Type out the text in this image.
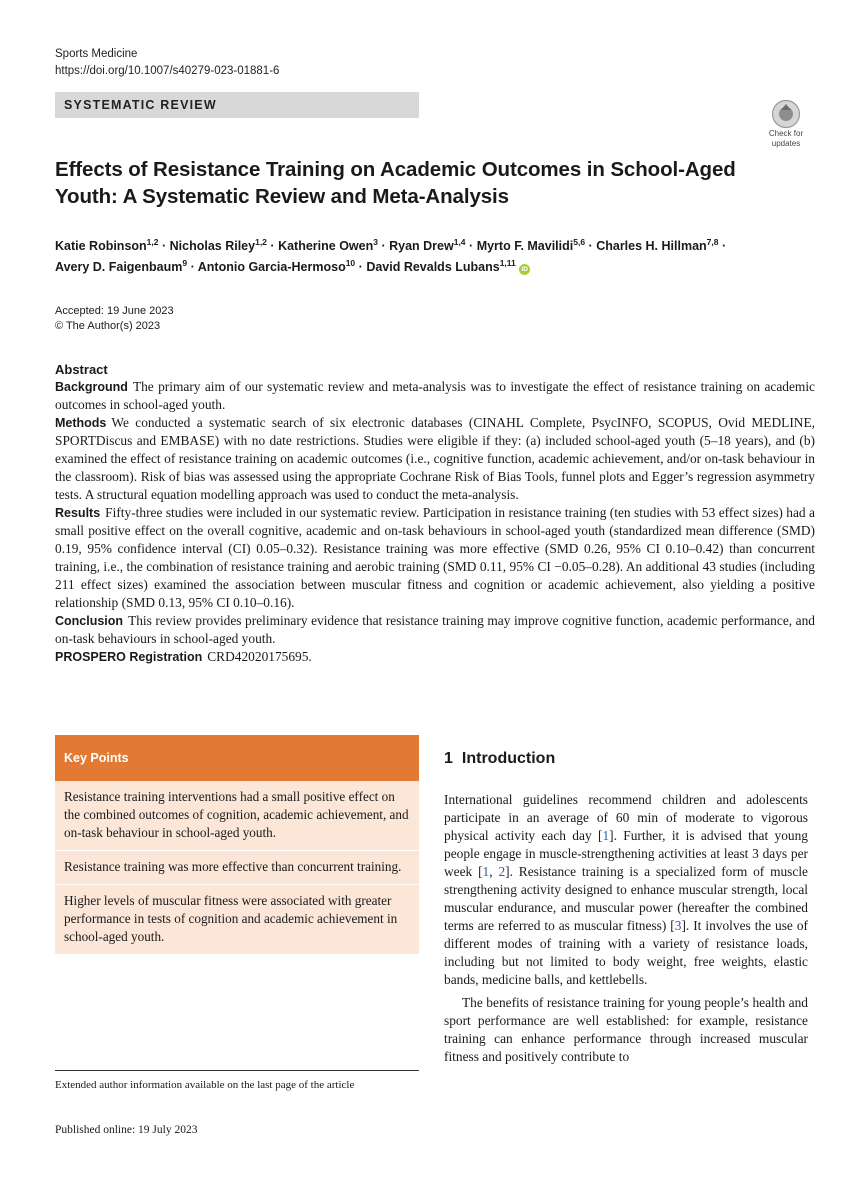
Sports Medicine
https://doi.org/10.1007/s40279-023-01881-6
SYSTEMATIC REVIEW
Check for
updates
Effects of Resistance Training on Academic Outcomes in School-Aged Youth: A Systematic Review and Meta-Analysis
Katie Robinson$^{1,2}$ · Nicholas Riley$^{1,2}$ · Katherine Owen$^3$ · Ryan Drew$^{1,4}$ · Myrto F. Mavilidi$^{5,6}$ · Charles H. Hillman$^{7,8}$ ·
Avery D. Faigenbaum$^9$ · Antonio Garcia-Hermoso$^{10}$ · David Revalds Lubans$^{1,11}$ iD
Accepted: 19 June 2023
© The Author(s) 2023
Abstract

Background The primary aim of our systematic review and meta-analysis was to investigate the effect of resistance training on academic outcomes in school-aged youth.

Methods We conducted a systematic search of six electronic databases (CINAHL Complete, PsycINFO, SCOPUS, Ovid MEDLINE, SPORTDiscus and EMBASE) with no date restrictions. Studies were eligible if they: (a) included school-aged youth (5–18 years), and (b) examined the effect of resistance training on academic outcomes (i.e., cognitive function, academic achievement, and/or on-task behaviour in the classroom). Risk of bias was assessed using the appropriate Cochrane Risk of Bias Tools, funnel plots and Egger’s regression asymmetry tests. A structural equation modelling approach was used to conduct the meta-analysis.

Results Fifty-three studies were included in our systematic review. Participation in resistance training (ten studies with 53 effect sizes) had a small positive effect on the overall cognitive, academic and on-task behaviours in school-aged youth (standardized mean difference (SMD) 0.19, 95% confidence interval (CI) 0.05–0.32). Resistance training was more effective (SMD 0.26, 95% CI 0.10–0.42) than concurrent training, i.e., the combination of resistance training and aerobic training (SMD 0.11, 95% CI −0.05–0.28). An additional 43 studies (including 211 effect sizes) examined the association between muscular fitness and cognition or academic achievement, also yielding a positive relationship (SMD 0.13, 95% CI 0.10–0.16).

Conclusion This review provides preliminary evidence that resistance training may improve cognitive function, academic performance, and on-task behaviours in school-aged youth.

PROSPERO Registration CRD42020175695.

Key Points
Resistance training interventions had a small positive effect on the combined outcomes of cognition, academic achievement, and on-task behaviour in school-aged youth.
Resistance training was more effective than concurrent training.
Higher levels of muscular fitness were associated with greater performance in tests of cognition and academic achievement in school-aged youth.
Extended author information available on the last page of the article
Published online: 19 July 2023
1 Introduction

International guidelines recommend children and adolescents participate in an average of 60 min of moderate to vigorous physical activity each day [1]. Further, it is advised that young people engage in muscle-strengthening activities at least 3 days per week [1, 2]. Resistance training is a specialized form of muscle strengthening activity designed to enhance muscular strength, local muscular endurance, and muscular power (hereafter the combined terms are referred to as muscular fitness) [3]. It involves the use of different modes of training with a variety of resistance loads, including but not limited to body weight, free weights, elastic bands, medicine balls, and kettlebells.

The benefits of resistance training for young people’s health and sport performance are well established: for example, resistance training can enhance performance through increased muscular fitness and positively contribute to
